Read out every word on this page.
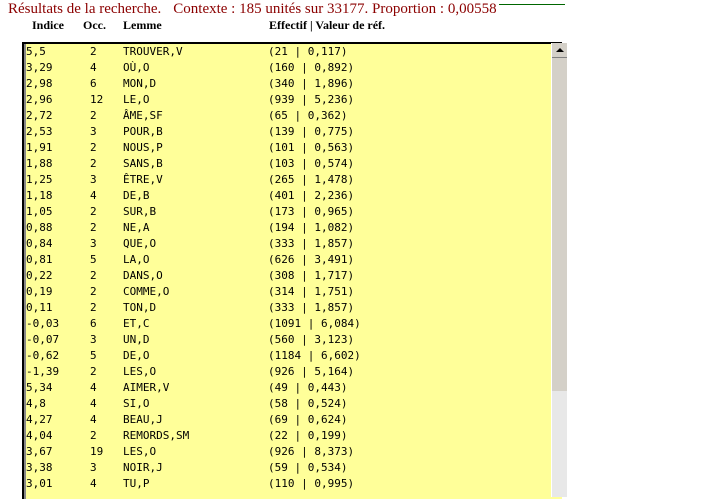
Résultats de la recherche. Contexte : 185 unités sur 33177. Proportion : 0,00558
Indice Occ. Lemme	Effectif | Valeur de réf.
5,5	2 TROUVER,V	(21 | 0,117)
3,29	4 OÙ,O	(160 | 0,892)
2,98	6 MON,D	(340 | 1,896)
2,96	12 LE,O	(939 | 5,236)
2,72	2 ÂME,SF	(65 | 0,362)
2,53	3 POUR,B	(139 | 0,775)
1,91	2 NOUS,P	(101 | 0,563)
1,88	2 SANS,B	(103 | 0,574)
1,25	3 ÊTRE,V	(265 | 1,478)
1,18	4 DE,B	(401 | 2,236)
1,05	2 SUR,B	(173 | 0,965)
0,88	2 NE,A	(194 | 1,082)
0,84	3 QUE,O	(333 | 1,857)
0,81	5 LA,O	(626 | 3,491)
0,22	2 DANS,O	(308 | 1,717)
0,19	2 COMME,O	(314 | 1,751)
0,11	2 TON,D	(333 | 1,857)
-0,03	6 ET,C	(1091 | 6,084)
-0,07	3 UN,D	(560 | 3,123)
-0,62	5 DE,O	(1184 | 6,602)
-1,39	2 LES,O	(926 | 5,164)
5,34	4 AIMER,V	(49 | 0,443)
4,8	4 SI,O	(58 | 0,524)
4,27	4 BEAU,J	(69 | 0,624)
4,04	2 REMORDS,SM	(22 | 0,199)
3,67	19 LES,O	(926 | 8,373)
3,38	3 NOIR,J	(59 | 0,534)
3,01	4 TU,P	(110 | 0,995)
